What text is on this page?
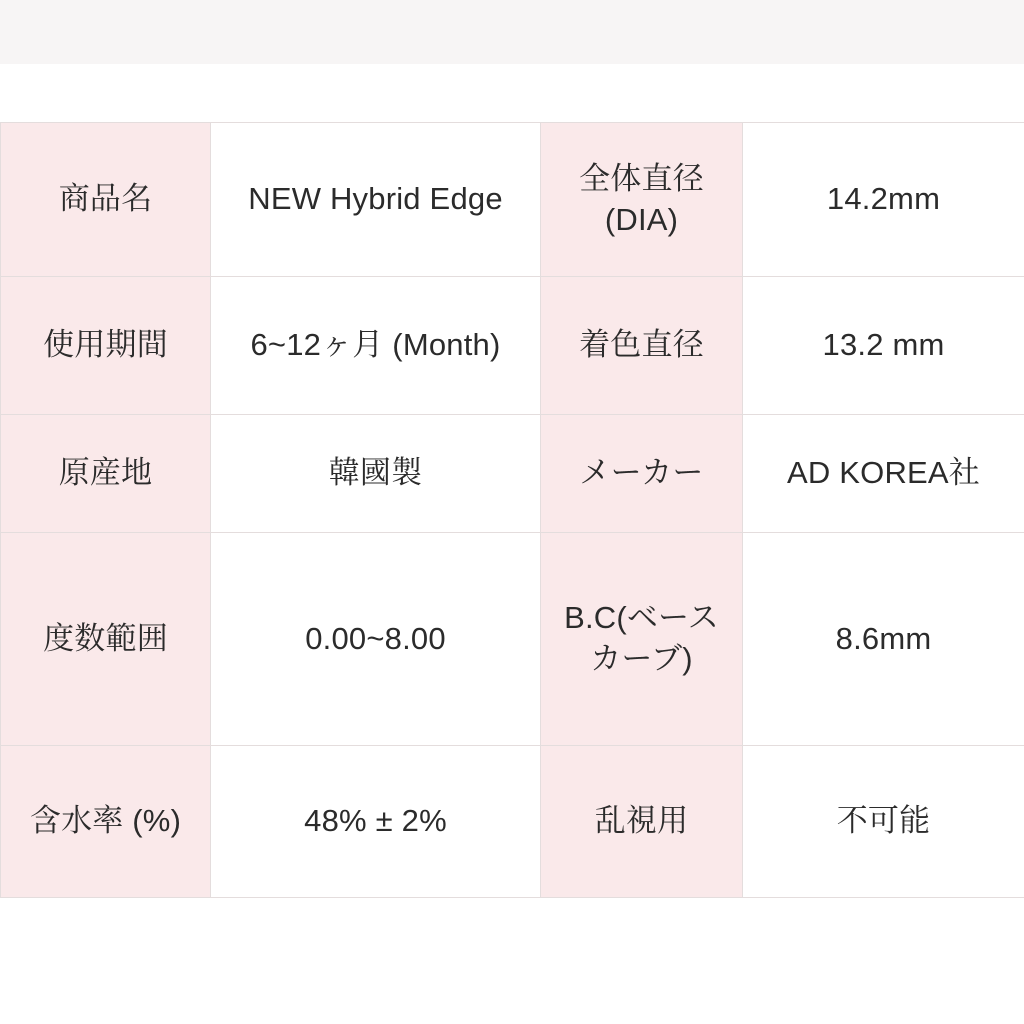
商品名	NEW Hybrid Edge	全体直径 (DIA)	14.2mm
使用期間	6~12ヶ月 (Month)	着色直径	13.2 mm
原産地	韓國製	メーカー	AD KOREA社
度数範囲	0.00~8.00	B.C(ベースカーブ)	8.6mm
含水率 (%)	48% ± 2%	乱視用	不可能
